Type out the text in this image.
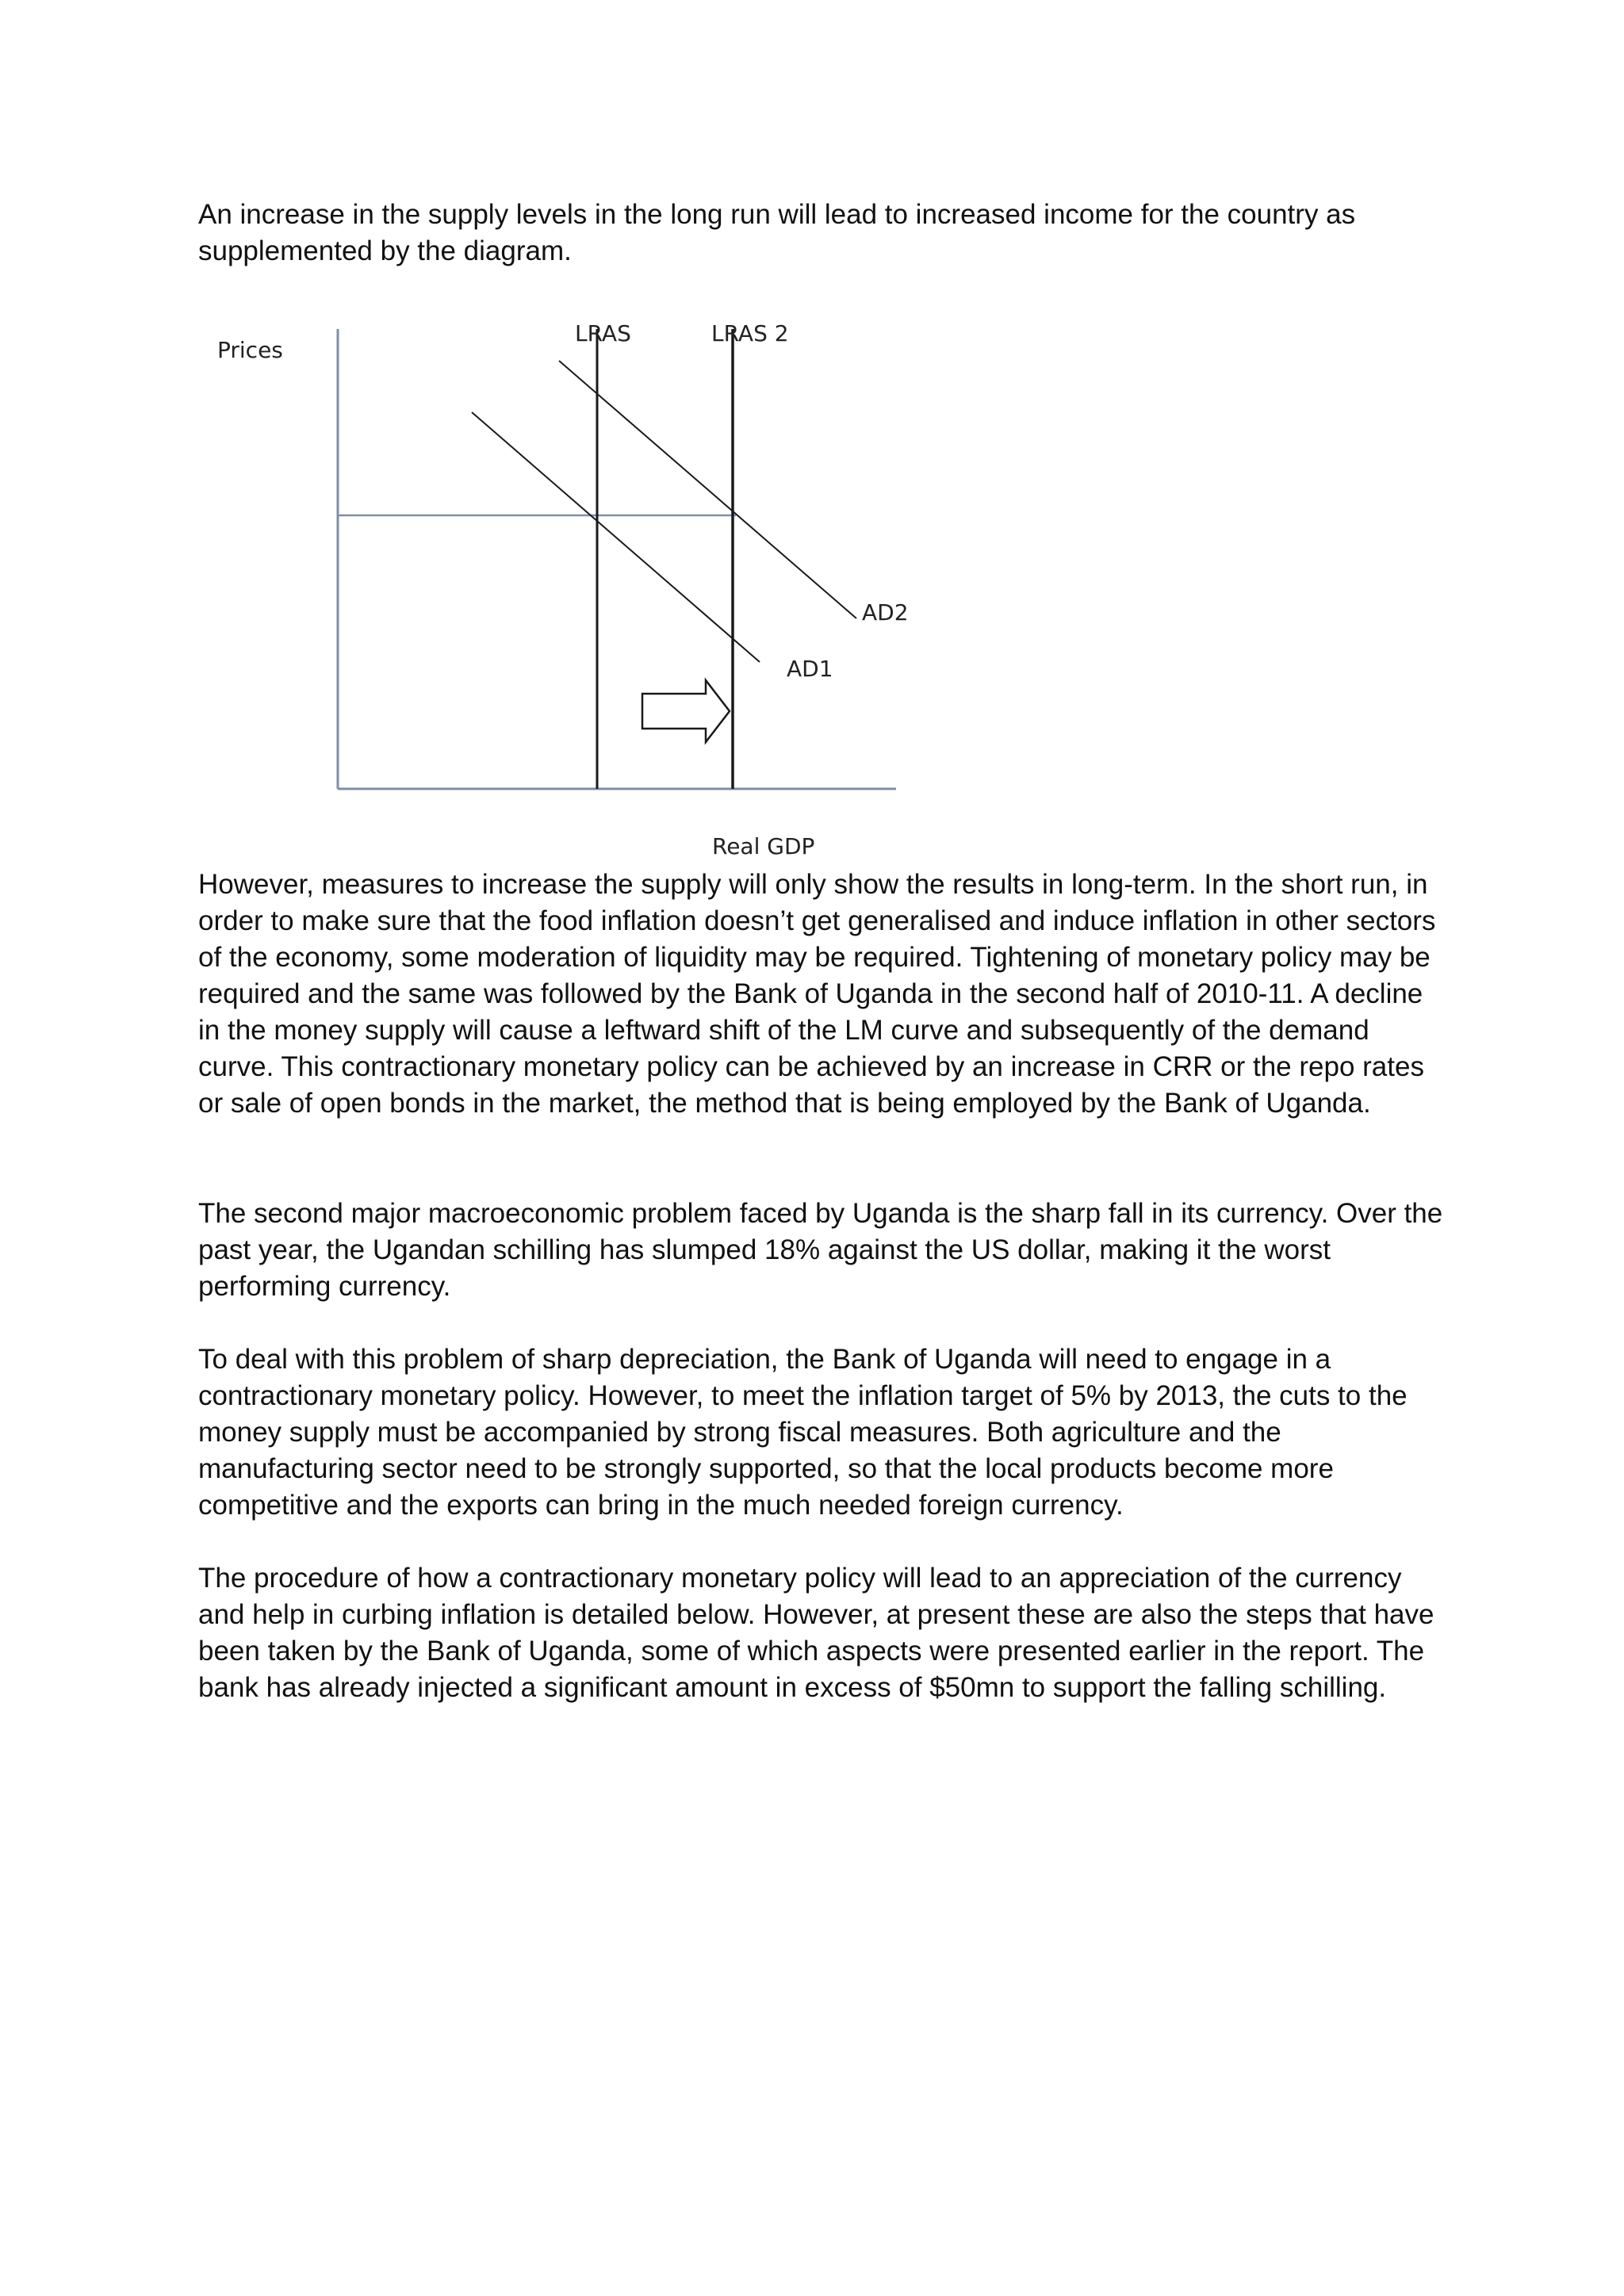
An increase in the supply levels in the long run will lead to increased income for the country as supplemented by the diagram.

Prices
Real GDP
LRAS	LRAS 2
AD2
AD1

However, measures to increase the supply will only show the results in long-term. In the short run, in order to make sure that the food inflation doesn’t get generalised and induce inflation in other sectors of the economy, some moderation of liquidity may be required. Tightening of monetary policy may be required and the same was followed by the Bank of Uganda in the second half of 2010-11. A decline in the money supply will cause a leftward shift of the LM curve and subsequently of the demand curve. This contractionary monetary policy can be achieved by an increase in CRR or the repo rates or sale of open bonds in the market, the method that is being employed by the Bank of Uganda.

The second major macroeconomic problem faced by Uganda is the sharp fall in its currency. Over the past year, the Ugandan schilling has slumped 18% against the US dollar, making it the worst performing currency.

To deal with this problem of sharp depreciation, the Bank of Uganda will need to engage in a contractionary monetary policy. However, to meet the inflation target of 5% by 2013, the cuts to the money supply must be accompanied by strong fiscal measures. Both agriculture and the manufacturing sector need to be strongly supported, so that the local products become more competitive and the exports can bring in the much needed foreign currency.

The procedure of how a contractionary monetary policy will lead to an appreciation of the currency and help in curbing inflation is detailed below. However, at present these are also the steps that have been taken by the Bank of Uganda, some of which aspects were presented earlier in the report. The bank has already injected a significant amount in excess of $50mn to support the falling schilling.
